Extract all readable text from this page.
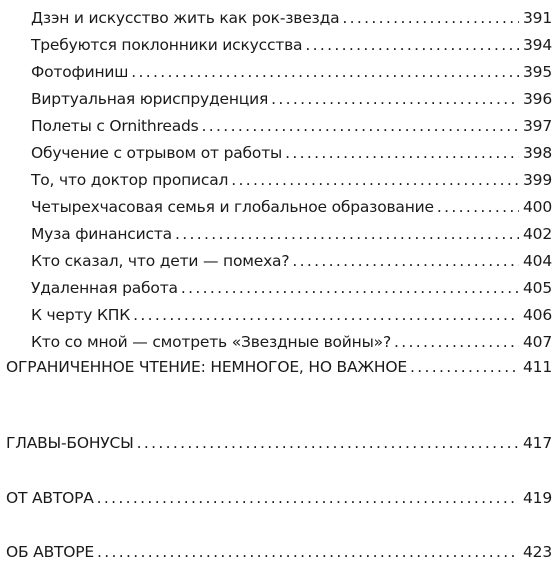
Дзэн и искусство жить как рок-звезда . . .	391
Требуются поклонники искусства . . .	394
Фотофиниш . . .	395
Виртуальная юриспруденция . . .	396
Полеты с Ornithreads . . .	397
Обучение с отрывом от работы . . .	398
То, что доктор прописал . . .	399
Четырехчасовая семья и глобальное образование . . .	400
Муза финансиста . . .	402
Кто сказал, что дети — помеха? . . .	404
Удаленная работа . . .	405
К черту КПК . . .	406
Кто со мной — смотреть «Звездные войны»? . . .	407
ОГРАНИЧЕННОЕ ЧТЕНИЕ: НЕМНОГОЕ, НО ВАЖНОЕ . . .	411
ГЛАВЫ-БОНУСЫ . . .	417
ОТ АВТОРА . . .	419
ОБ АВТОРЕ . . .	423
